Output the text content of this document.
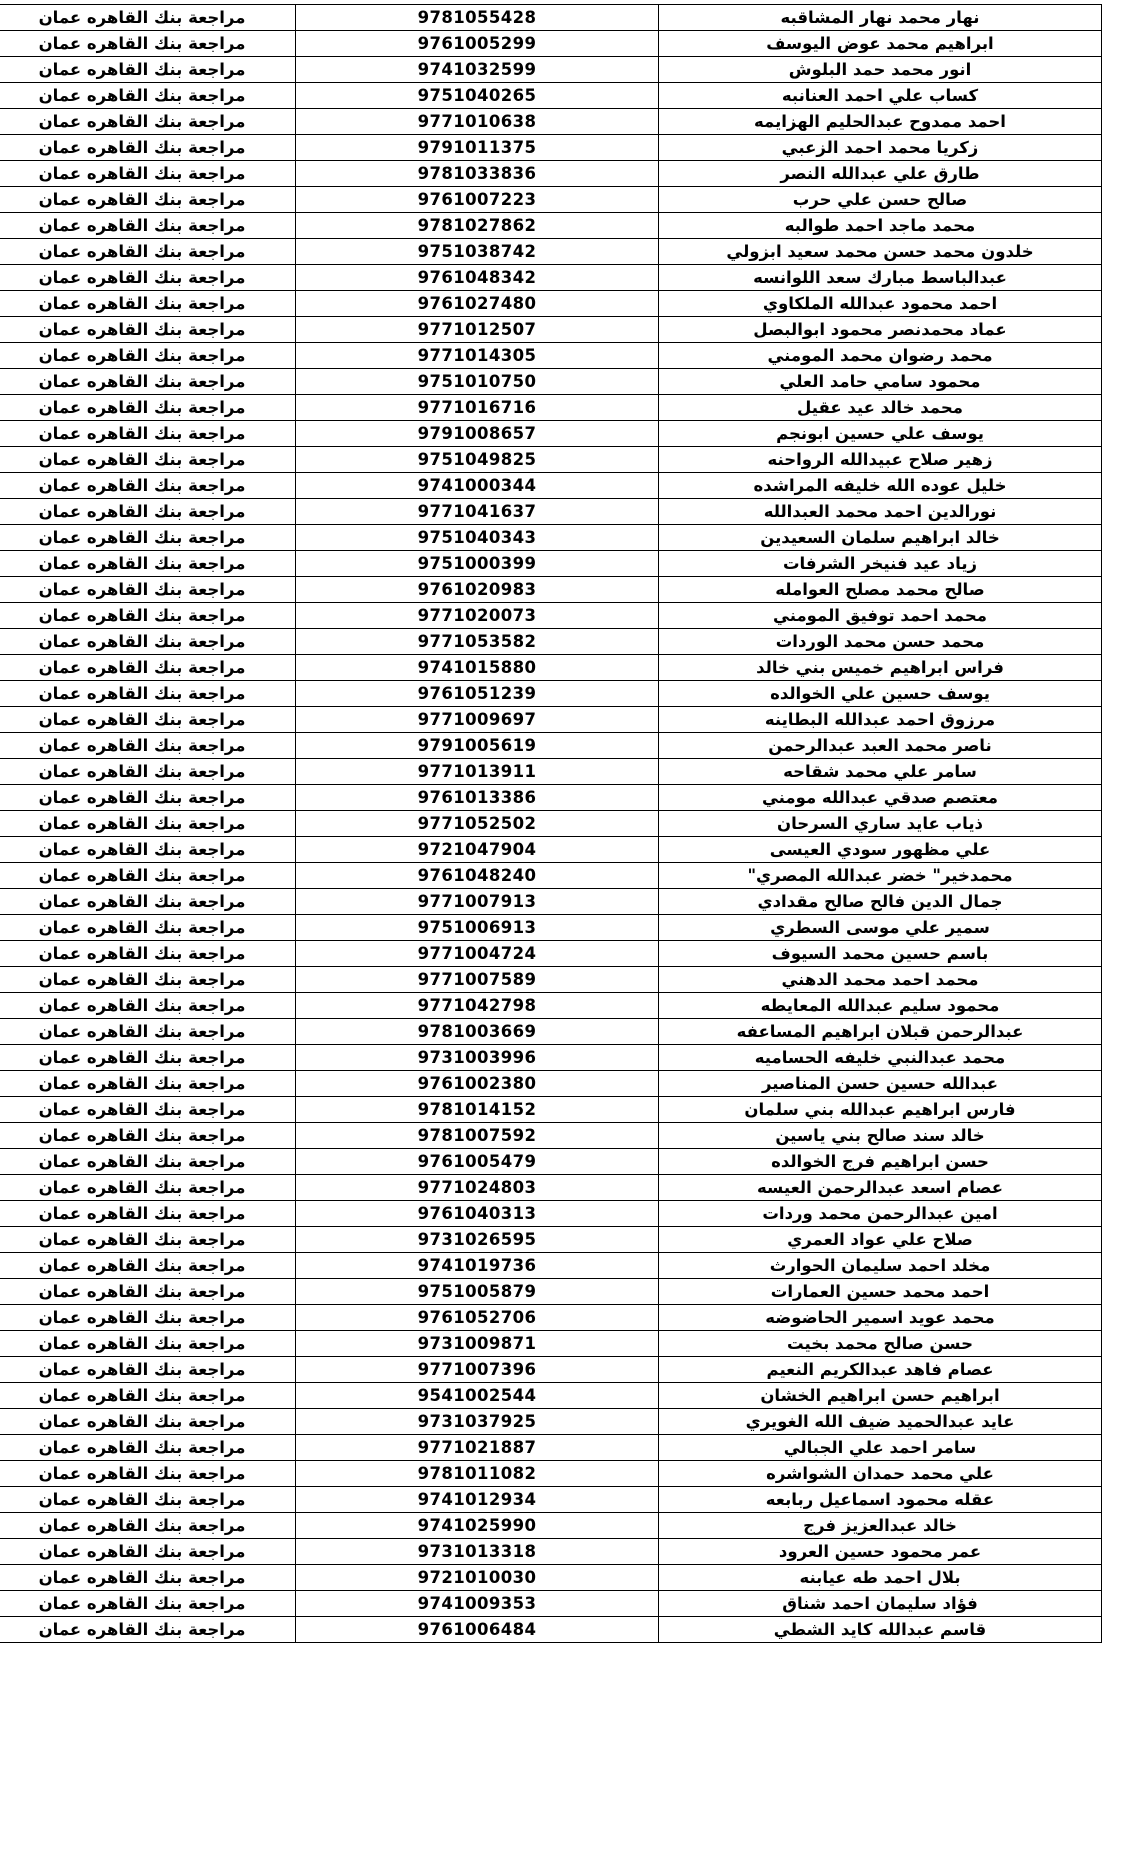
نهار محمد نهار المشاقبه	9781055428	مراجعة بنك القاهره عمان
ابراهيم محمد عوض اليوسف	9761005299	مراجعة بنك القاهره عمان
انور محمد حمد البلوش	9741032599	مراجعة بنك القاهره عمان
كساب علي احمد العنانبه	9751040265	مراجعة بنك القاهره عمان
احمد ممدوح عبدالحليم الهزايمه	9771010638	مراجعة بنك القاهره عمان
زكريا محمد احمد الزعبي	9791011375	مراجعة بنك القاهره عمان
طارق علي عبدالله النصر	9781033836	مراجعة بنك القاهره عمان
صالح حسن علي حرب	9761007223	مراجعة بنك القاهره عمان
محمد ماجد احمد طوالبه	9781027862	مراجعة بنك القاهره عمان
خلدون محمد حسن محمد سعيد ابزولي	9751038742	مراجعة بنك القاهره عمان
عبدالباسط مبارك سعد اللوانسه	9761048342	مراجعة بنك القاهره عمان
احمد محمود عبدالله الملكاوي	9761027480	مراجعة بنك القاهره عمان
عماد محمدنصر محمود ابوالبصل	9771012507	مراجعة بنك القاهره عمان
محمد رضوان محمد المومني	9771014305	مراجعة بنك القاهره عمان
محمود سامي حامد العلي	9751010750	مراجعة بنك القاهره عمان
محمد خالد عيد عقيل	9771016716	مراجعة بنك القاهره عمان
يوسف علي حسين ابونجم	9791008657	مراجعة بنك القاهره عمان
زهير صلاح عبيدالله الرواحنه	9751049825	مراجعة بنك القاهره عمان
خليل عوده الله خليفه المراشده	9741000344	مراجعة بنك القاهره عمان
نورالدين احمد محمد العبدالله	9771041637	مراجعة بنك القاهره عمان
خالد ابراهيم سلمان السعيدين	9751040343	مراجعة بنك القاهره عمان
زياد عيد فنيخر الشرفات	9751000399	مراجعة بنك القاهره عمان
صالح محمد مصلح العوامله	9761020983	مراجعة بنك القاهره عمان
محمد احمد توفيق المومني	9771020073	مراجعة بنك القاهره عمان
محمد حسن محمد الوردات	9771053582	مراجعة بنك القاهره عمان
فراس ابراهيم خميس بني خالد	9741015880	مراجعة بنك القاهره عمان
يوسف حسين علي الخوالده	9761051239	مراجعة بنك القاهره عمان
مرزوق احمد عبدالله البطاينه	9771009697	مراجعة بنك القاهره عمان
ناصر محمد العبد عبدالرحمن	9791005619	مراجعة بنك القاهره عمان
سامر علي محمد شقاحه	9771013911	مراجعة بنك القاهره عمان
معتصم صدقي عبدالله مومني	9761013386	مراجعة بنك القاهره عمان
ذياب عايد ساري السرحان	9771052502	مراجعة بنك القاهره عمان
علي مظهور سودي العيسى	9721047904	مراجعة بنك القاهره عمان
محمدخير" خضر عبدالله المصري"	9761048240	مراجعة بنك القاهره عمان
جمال الدين فالح صالح مقدادي	9771007913	مراجعة بنك القاهره عمان
سمير علي موسى السطري	9751006913	مراجعة بنك القاهره عمان
باسم حسين محمد السيوف	9771004724	مراجعة بنك القاهره عمان
محمد احمد محمد الدهني	9771007589	مراجعة بنك القاهره عمان
محمود سليم عبدالله المعايطه	9771042798	مراجعة بنك القاهره عمان
عبدالرحمن قبلان ابراهيم المساعفه	9781003669	مراجعة بنك القاهره عمان
محمد عبدالنبي خليفه الحساميه	9731003996	مراجعة بنك القاهره عمان
عبدالله حسين حسن المناصير	9761002380	مراجعة بنك القاهره عمان
فارس ابراهيم عبدالله بني سلمان	9781014152	مراجعة بنك القاهره عمان
خالد سند صالح بني ياسين	9781007592	مراجعة بنك القاهره عمان
حسن ابراهيم فرج الخوالده	9761005479	مراجعة بنك القاهره عمان
عصام اسعد عبدالرحمن العيسه	9771024803	مراجعة بنك القاهره عمان
امين عبدالرحمن محمد وردات	9761040313	مراجعة بنك القاهره عمان
صلاح علي عواد العمري	9731026595	مراجعة بنك القاهره عمان
مخلد احمد سليمان الحوارث	9741019736	مراجعة بنك القاهره عمان
احمد محمد حسين العمارات	9751005879	مراجعة بنك القاهره عمان
محمد عويد اسمير الحاضوضه	9761052706	مراجعة بنك القاهره عمان
حسن صالح محمد بخيت	9731009871	مراجعة بنك القاهره عمان
عصام فاهد عبدالكريم النعيم	9771007396	مراجعة بنك القاهره عمان
ابراهيم حسن ابراهيم الخشان	9541002544	مراجعة بنك القاهره عمان
عايد عبدالحميد ضيف الله الغويري	9731037925	مراجعة بنك القاهره عمان
سامر احمد علي الجبالي	9771021887	مراجعة بنك القاهره عمان
علي محمد حمدان الشواشره	9781011082	مراجعة بنك القاهره عمان
عقله محمود اسماعيل ربابعه	9741012934	مراجعة بنك القاهره عمان
خالد عبدالعزيز فرج	9741025990	مراجعة بنك القاهره عمان
عمر محمود حسين العرود	9731013318	مراجعة بنك القاهره عمان
بلال احمد طه عيابنه	9721010030	مراجعة بنك القاهره عمان
فؤاد سليمان احمد شناق	9741009353	مراجعة بنك القاهره عمان
قاسم عبدالله كايد الشطي	9761006484	مراجعة بنك القاهره عمان
